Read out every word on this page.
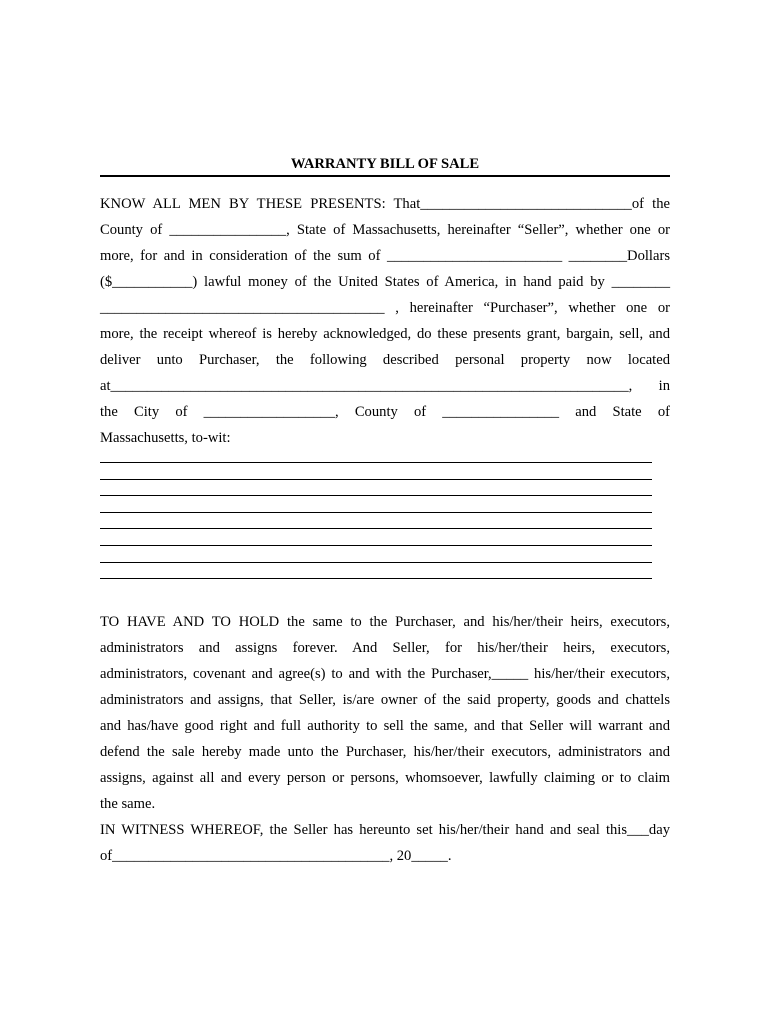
WARRANTY BILL OF SALE
KNOW ALL MEN BY THESE PRESENTS: That_____________________________of the
County of ________________, State of Massachusetts, hereinafter “Seller”, whether one or
more, for and in consideration of the sum of ________________________ ________Dollars
($___________) lawful money of the United States of America, in hand paid by ________
_______________________________________ , hereinafter “Purchaser”, whether one or
more, the receipt whereof is hereby acknowledged, do these presents grant, bargain, sell, and
deliver unto Purchaser, the following described personal property now located
at_______________________________________________________________________, in
the City of __________________, County of ________________ and State of
Massachusetts, to-wit:
TO HAVE AND TO HOLD the same to the Purchaser, and his/her/their heirs, executors,
administrators and assigns forever. And Seller, for his/her/their heirs, executors,
administrators, covenant and agree(s) to and with the Purchaser,_____ his/her/their executors,
administrators and assigns, that Seller, is/are owner of the said property, goods and chattels
and has/have good right and full authority to sell the same, and that Seller will warrant and
defend the sale hereby made unto the Purchaser, his/her/their executors, administrators and
assigns, against all and every person or persons, whomsoever, lawfully claiming or to claim
the same.
IN WITNESS WHEREOF, the Seller has hereunto set his/her/their hand and seal this___day
of______________________________________, 20_____.
